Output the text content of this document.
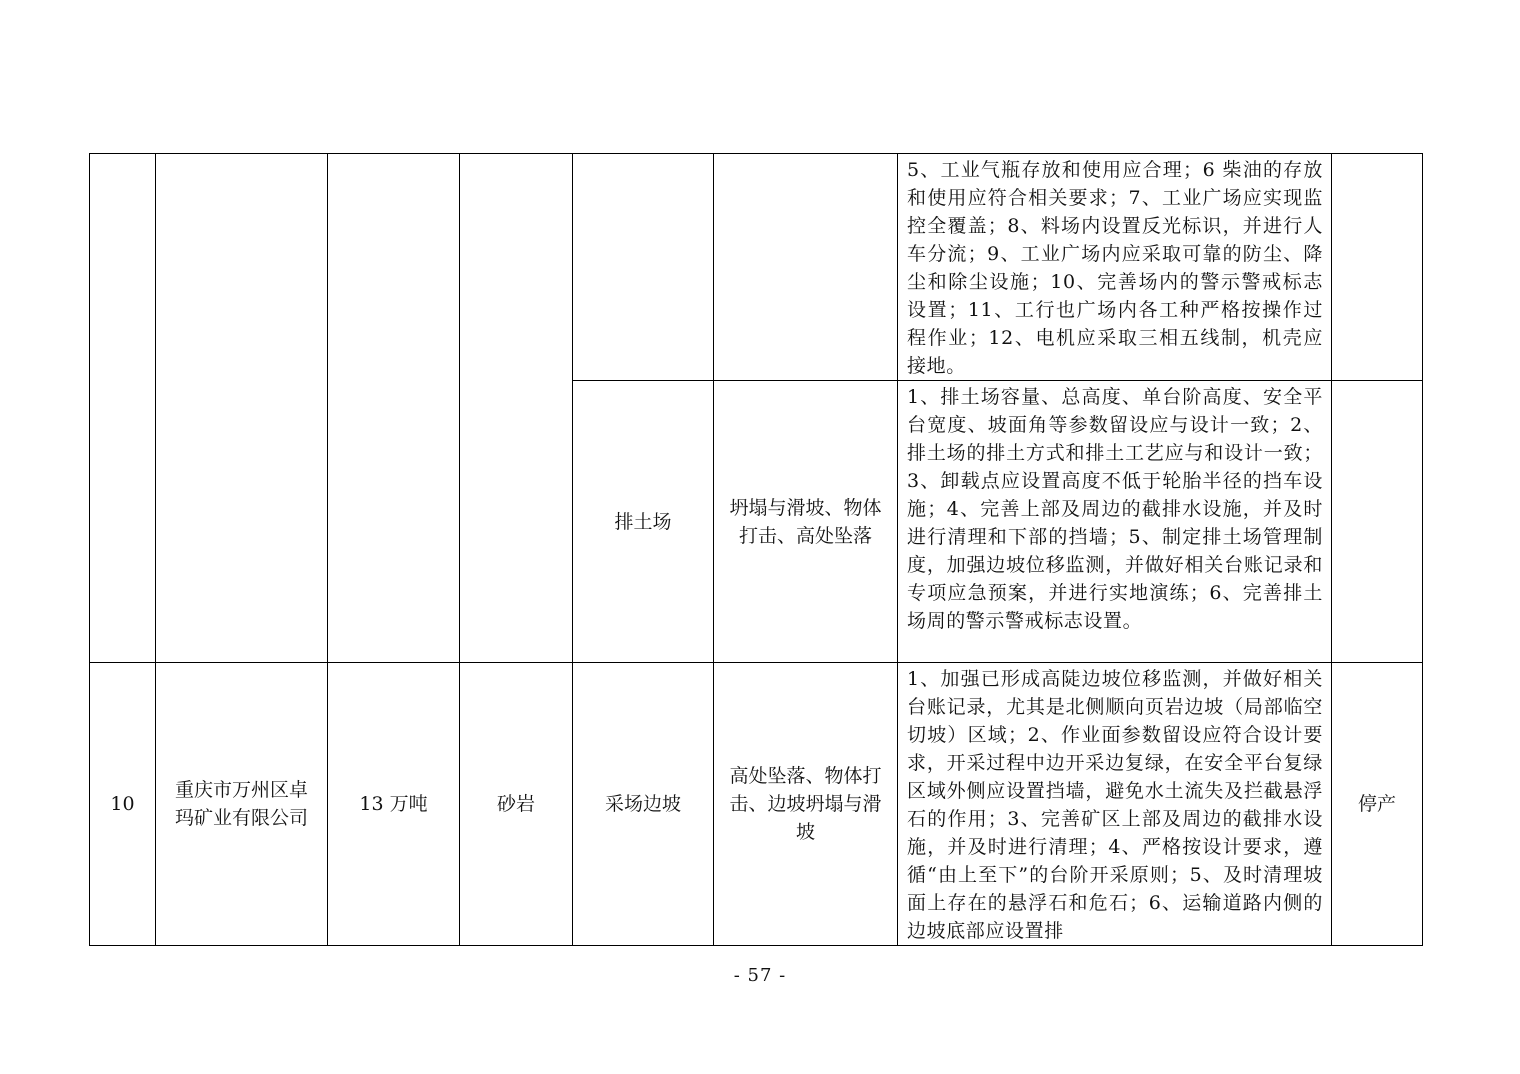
						5、工业气瓶存放和使用应合理；6 柴油的存放和使用应符合相关要求；7、工业广场应实现监控全覆盖；8、料场内设置反光标识，并进行人车分流；9、工业广场内应采取可靠的防尘、降尘和除尘设施；10、完善场内的警示警戒标志设置；11、工行也广场内各工种严格按操作过程作业；12、电机应采取三相五线制，机壳应接地。	
				排土场	坍塌与滑坡、物体打击、高处坠落	1、排土场容量、总高度、单台阶高度、安全平台宽度、坡面角等参数留设应与设计一致；2、排土场的排土方式和排土工艺应与和设计一致；3、卸载点应设置高度不低于轮胎半径的挡车设施；4、完善上部及周边的截排水设施，并及时进行清理和下部的挡墙；5、制定排土场管理制度，加强边坡位移监测，并做好相关台账记录和专项应急预案，并进行实地演练；6、完善排土场周的警示警戒标志设置。	
10	重庆市万州区卓玛矿业有限公司	13 万吨	砂岩	采场边坡	高处坠落、物体打击、边坡坍塌与滑坡	1、加强已形成高陡边坡位移监测，并做好相关台账记录，尤其是北侧顺向页岩边坡（局部临空切坡）区域；2、作业面参数留设应符合设计要求，开采过程中边开采边复绿，在安全平台复绿区域外侧应设置挡墙，避免水土流失及拦截悬浮石的作用；3、完善矿区上部及周边的截排水设施，并及时进行清理；4、严格按设计要求，遵循“由上至下”的台阶开采原则；5、及时清理坡面上存在的悬浮石和危石；6、运输道路内侧的边坡底部应设置排	停产
- 57 -
